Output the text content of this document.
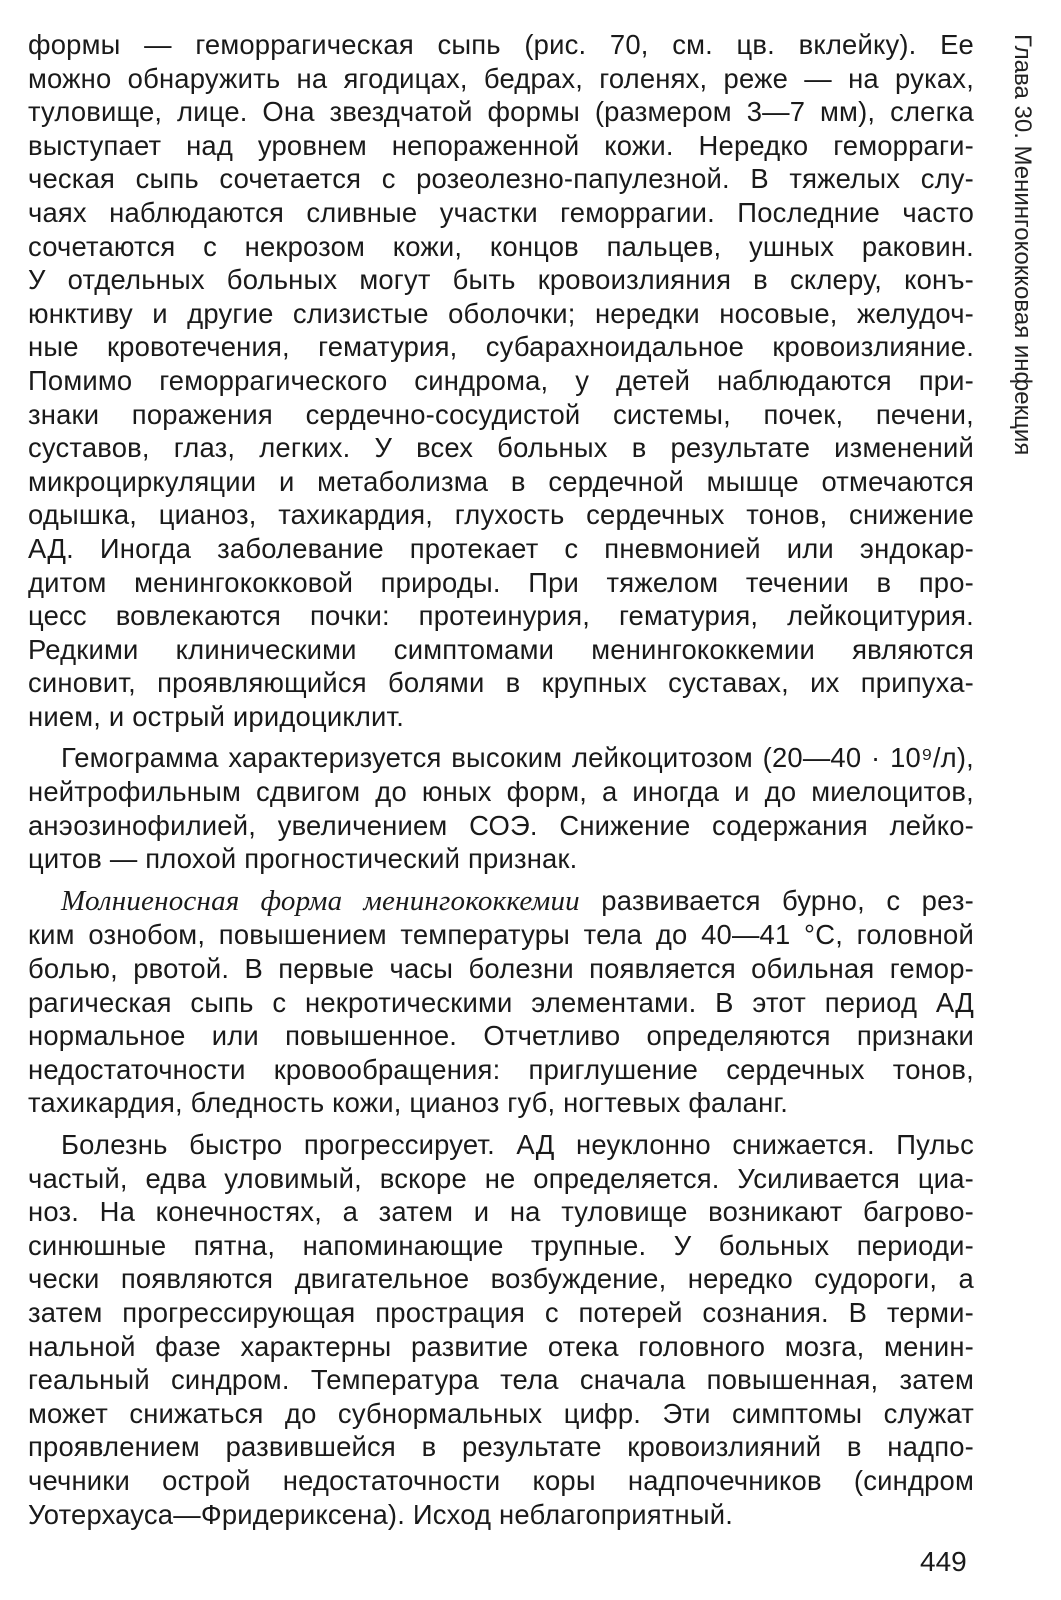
Глава 30. Менингококковая инфекция

формы — геморрагическая сыпь (рис. 70, см. цв. вклейку). Ее
можно обнаружить на ягодицах, бедрах, голенях, реже — на руках,
туловище, лице. Она звездчатой формы (размером 3—7 мм), слегка
выступает над уровнем непораженной кожи. Нередко геморраги-
ческая сыпь сочетается с розеолезно-папулезной. В тяжелых слу-
чаях наблюдаются сливные участки геморрагии. Последние часто
сочетаются с некрозом кожи, концов пальцев, ушных раковин.
У отдельных больных могут быть кровоизлияния в склеру, конъ-
юнктиву и другие слизистые оболочки; нередки носовые, желудоч-
ные кровотечения, гематурия, субарахноидальное кровоизлияние.
Помимо геморрагического синдрома, у детей наблюдаются при-
знаки поражения сердечно-сосудистой системы, почек, печени,
суставов, глаз, легких. У всех больных в результате изменений
микроциркуляции и метаболизма в сердечной мышце отмечаются
одышка, цианоз, тахикардия, глухость сердечных тонов, снижение
АД. Иногда заболевание протекает с пневмонией или эндокар-
дитом менингококковой природы. При тяжелом течении в про-
цесс вовлекаются почки: протеинурия, гематурия, лейкоцитурия.
Редкими клиническими симптомами менингококкемии являются
синовит, проявляющийся болями в крупных суставах, их припуха-
нием, и острый иридоциклит.

Гемограмма характеризуется высоким лейкоцитозом (20—40 · 10⁹/л),
нейтрофильным сдвигом до юных форм, а иногда и до миелоцитов,
анэозинофилией, увеличением СОЭ. Снижение содержания лейко-
цитов — плохой прогностический признак.

Молниеносная форма менингококкемии развивается бурно, с рез-
ким ознобом, повышением температуры тела до 40—41 °С, головной
болью, рвотой. В первые часы болезни появляется обильная гемор-
рагическая сыпь с некротическими элементами. В этот период АД
нормальное или повышенное. Отчетливо определяются признаки
недостаточности кровообращения: приглушение сердечных тонов,
тахикардия, бледность кожи, цианоз губ, ногтевых фаланг.

Болезнь быстро прогрессирует. АД неуклонно снижается. Пульс
частый, едва уловимый, вскоре не определяется. Усиливается циа-
ноз. На конечностях, а затем и на туловище возникают багрово-
синюшные пятна, напоминающие трупные. У больных периоди-
чески появляются двигательное возбуждение, нередко судороги, а
затем прогрессирующая прострация с потерей сознания. В терми-
нальной фазе характерны развитие отека головного мозга, менин-
геальный синдром. Температура тела сначала повышенная, затем
может снижаться до субнормальных цифр. Эти симптомы служат
проявлением развившейся в результате кровоизлияний в надпо-
чечники острой недостаточности коры надпочечников (синдром
Уотерхауса—Фридериксена). Исход неблагоприятный.

449
